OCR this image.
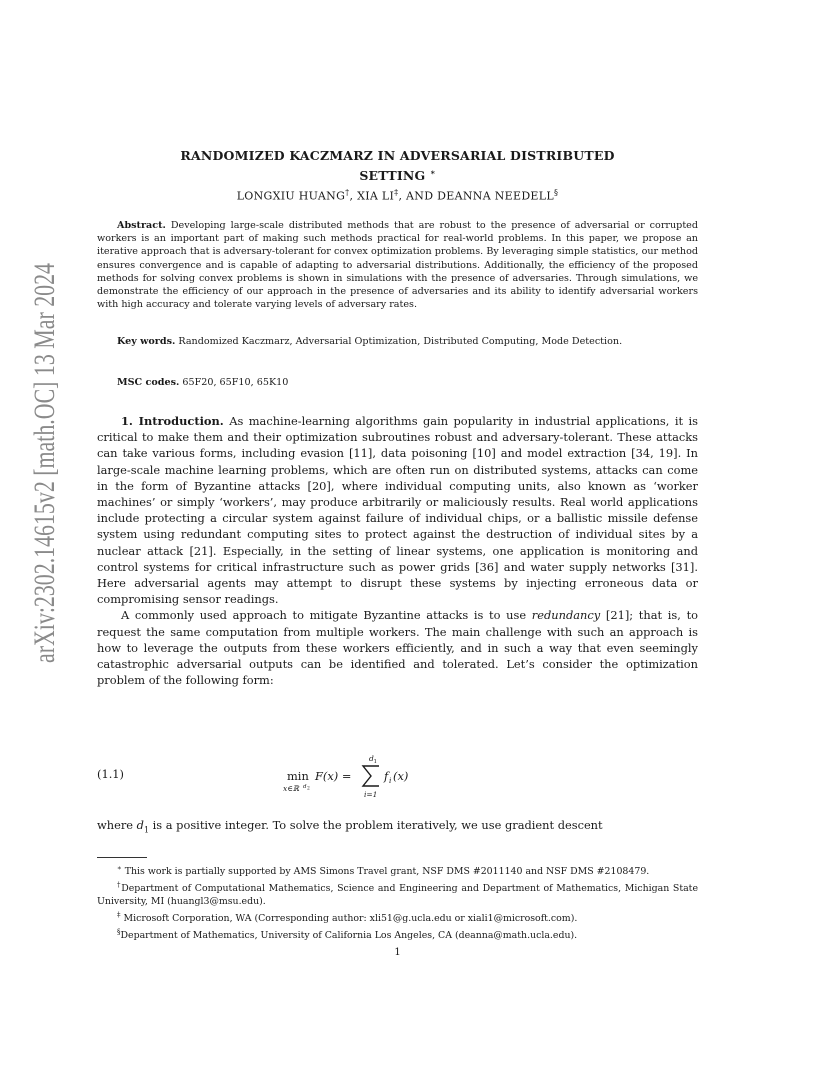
arXiv:2302.14615v2 [math.OC] 13 Mar 2024	RANDOMIZED KACZMARZ IN ADVERSARIAL DISTRIBUTED
SETTING ∗
LONGXIU HUANG†, XIA LI‡, AND DEANNA NEEDELL§
Abstract. Developing large-scale distributed methods that are robust to the presence of adversarial or corrupted workers is an important part of making such methods practical for real-world problems. In this paper, we propose an iterative approach that is adversary-tolerant for convex optimization problems. By leveraging simple statistics, our method ensures convergence and is capable of adapting to adversarial distributions. Additionally, the efficiency of the proposed methods for solving convex problems is shown in simulations with the presence of adversaries. Through simulations, we demonstrate the efficiency of our approach in the presence of adversaries and its ability to identify adversarial workers with high accuracy and tolerate varying levels of adversary rates.
Key words. Randomized Kaczmarz, Adversarial Optimization, Distributed Computing, Mode Detection.
MSC codes. 65F20, 65F10, 65K10

1. Introduction. As machine-learning algorithms gain popularity in industrial applications, it is critical to make them and their optimization subroutines robust and adversary-tolerant. These attacks can take various forms, including evasion [11], data poisoning [10] and model extraction [34, 19]. In large-scale machine learning problems, which are often run on distributed systems, attacks can come in the form of Byzantine attacks [20], where individual computing units, also known as ‘worker machines’ or simply ‘workers’, may produce arbitrarily or maliciously results. Real world applications include protecting a circular system against failure of individual chips, or a ballistic missile defense system using redundant computing sites to protect against the destruction of individual sites by a nuclear attack [21]. Especially, in the setting of linear systems, one application is monitoring and control systems for critical infrastructure such as power grids [36] and water supply networks [31]. Here adversarial agents may attempt to disrupt these systems by injecting erroneous data or compromising sensor readings.

A commonly used approach to mitigate Byzantine attacks is to use redundancy [21]; that is, to request the same computation from multiple workers. The main challenge with such an approach is how to leverage the outputs from these workers efficiently, and in such a way that even seemingly catastrophic adversarial outputs can be identified and tolerated. Let’s consider the optimization problem of the following form:

(1.1)	min
x∈ℝ d 2
F(x) =
d 1
i=1
f i (x)
where $d_1$ is a positive integer. To solve the problem iteratively, we use gradient descent

∗ This work is partially supported by AMS Simons Travel grant, NSF DMS #2011140 and NSF DMS #2108479.

†Department of Computational Mathematics, Science and Engineering and Department of Mathematics, Michigan State University, MI (huangl3@msu.edu).

‡ Microsoft Corporation, WA (Corresponding author: xli51@g.ucla.edu or xiali1@microsoft.com).

§Department of Mathematics, University of California Los Angeles, CA (deanna@math.ucla.edu).

1
